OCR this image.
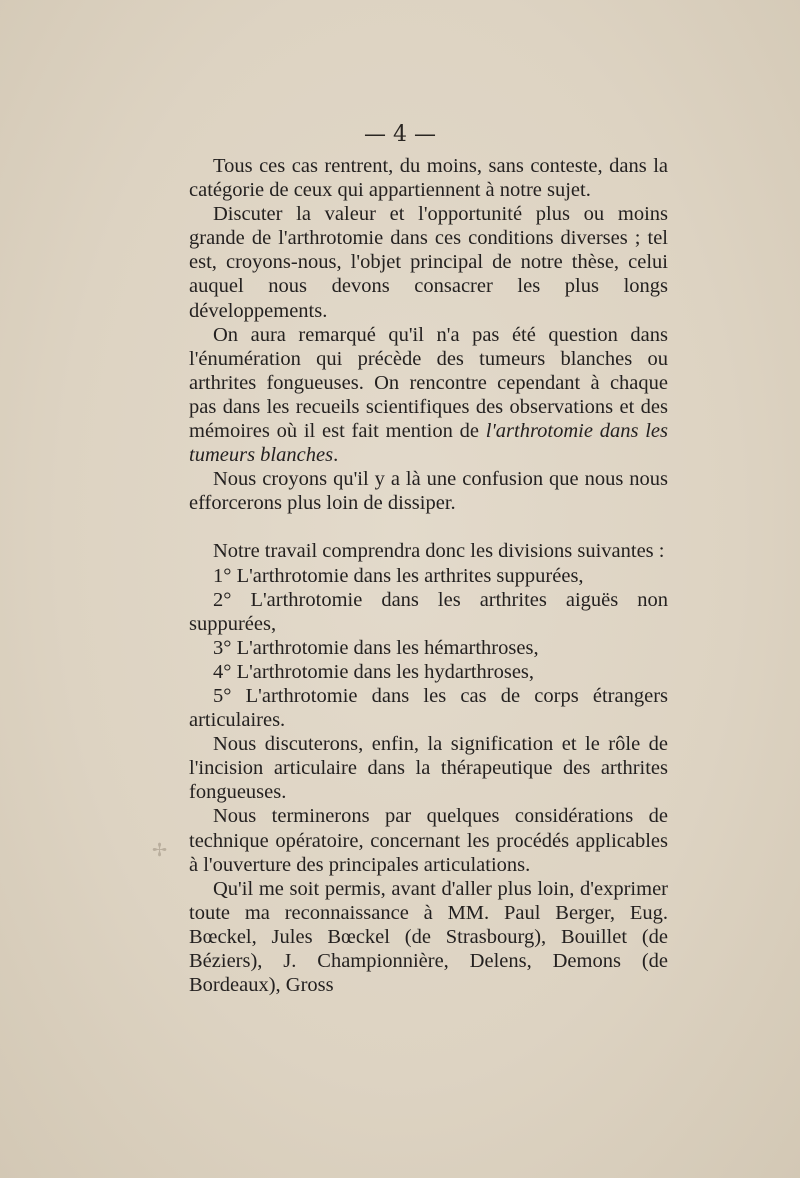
✢
— 4 —

Tous ces cas rentrent, du moins, sans conteste, dans la catégorie de ceux qui appartiennent à notre sujet.

Discuter la valeur et l'opportunité plus ou moins grande de l'arthrotomie dans ces conditions diverses ; tel est, croyons-nous, l'objet principal de notre thèse, celui auquel nous devons consacrer les plus longs développements.

On aura remarqué qu'il n'a pas été question dans l'énumération qui précède des tumeurs blanches ou arthrites fongueuses. On rencontre cependant à chaque pas dans les recueils scientifiques des observations et des mémoires où il est fait mention de l'arthrotomie dans les tumeurs blanches.

Nous croyons qu'il y a là une confusion que nous nous efforcerons plus loin de dissiper.

Notre travail comprendra donc les divisions suivantes :

1° L'arthrotomie dans les arthrites suppurées,

2° L'arthrotomie dans les arthrites aiguës non suppurées,

3° L'arthrotomie dans les hémarthroses,

4° L'arthrotomie dans les hydarthroses,

5° L'arthrotomie dans les cas de corps étrangers articulaires.

Nous discuterons, enfin, la signification et le rôle de l'incision articulaire dans la thérapeutique des arthrites fongueuses.

Nous terminerons par quelques considérations de technique opératoire, concernant les procédés applicables à l'ouverture des principales articulations.

Qu'il me soit permis, avant d'aller plus loin, d'exprimer toute ma reconnaissance à MM. Paul Berger, Eug. Bœckel, Jules Bœckel (de Strasbourg), Bouillet (de Béziers), J. Championnière, Delens, Demons (de Bordeaux), Gross
